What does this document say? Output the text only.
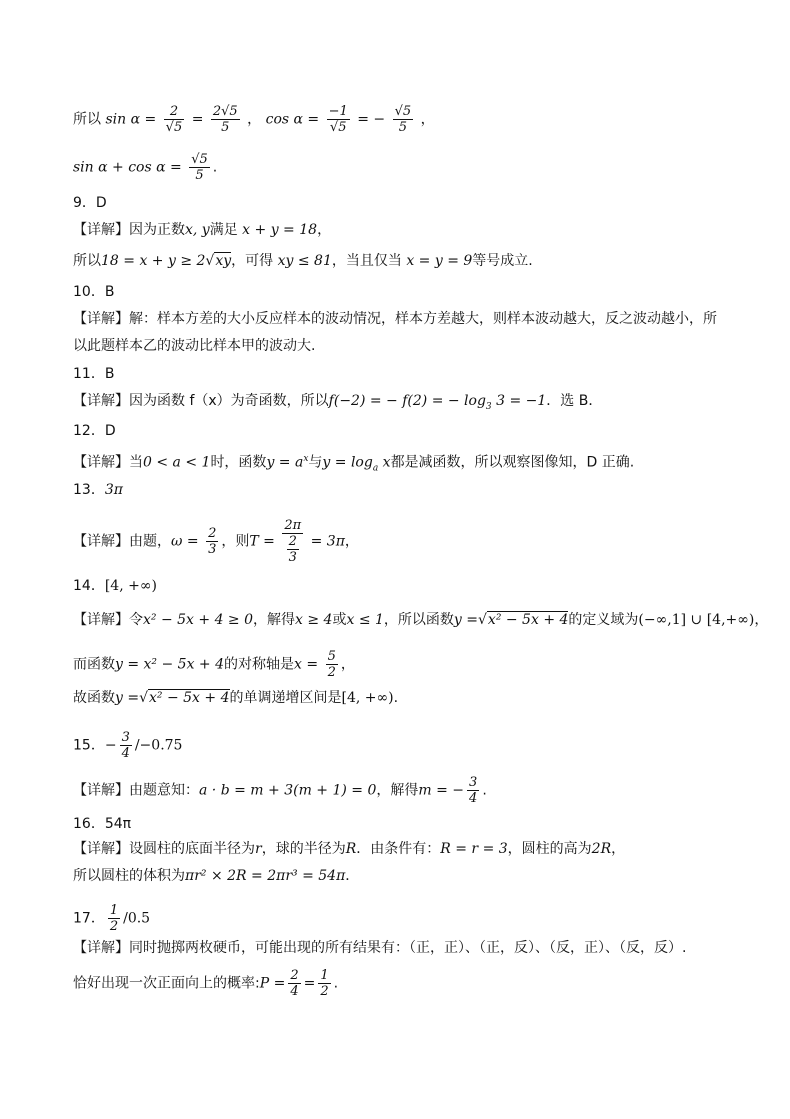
所以 $\sin \alpha = \frac{2}{√5} = \frac{2√5}{5}$ ， $\cos \alpha = \frac{-1}{√5}$ = − $\frac{√5}{5}$ ，
$\sin \alpha + \cos \alpha = \frac{√5}{5}$ .
9．D
【详解】因为正数x, y满足 x + y = 18，
所以18 = x + y ≥ 2√xy，可得 xy ≤ 81，当且仅当 x = y = 9等号成立.
10．B
【详解】解：样本方差的大小反应样本的波动情况，样本方差越大，则样本波动越大，反之波动越小，所
以此题样本乙的波动比样本甲的波动大.
11．B
【详解】因为函数 f（x）为奇函数，所以f(−2) = − f(2) = − $\log_3 3 = -1$．选 B．
12．D
【详解】当0 < a < 1时，函数$y = a^x$与$y = \log_a x$都是减函数，所以观察图像知，D 正确.
13．3π
【详解】由题，$\omega = \frac{2}{3}$ ，则$T = \frac{2\pi}{\frac{2}{3}} = 3\pi$，
14．[4, +∞)
【详解】令x² − 5x + 4 ≥ 0，解得x ≥ 4或x ≤ 1，所以函数y =√x² − 5x + 4的定义域为(−∞,1] ∪ [4,+∞)，
而函数y = x² − 5x + 4的对称轴是$x = \frac{5}{2}$ ，
故函数y =√x² − 5x + 4的单调递增区间是[4, +∞).
15．− $\frac{3}{4} /-0.75$
【详解】由题意知：a · b = m + 3(m + 1) = 0，解得m = − $\frac{3}{4}$ .
16．54π
【详解】设圆柱的底面半径为r，球的半径为R．由条件有：R = r = 3，圆柱的高为2R，
所以圆柱的体积为πr² × 2R = 2πr³ = 54π．
17． $\frac{1}{2} /0.5$
【详解】同时抛掷两枚硬币，可能出现的所有结果有：（正，正）、（正，反）、（反，正）、（反，反）.
恰好出现一次正面向上的概率:P = $\frac{2}{4} = \frac{1}{2}$ .
